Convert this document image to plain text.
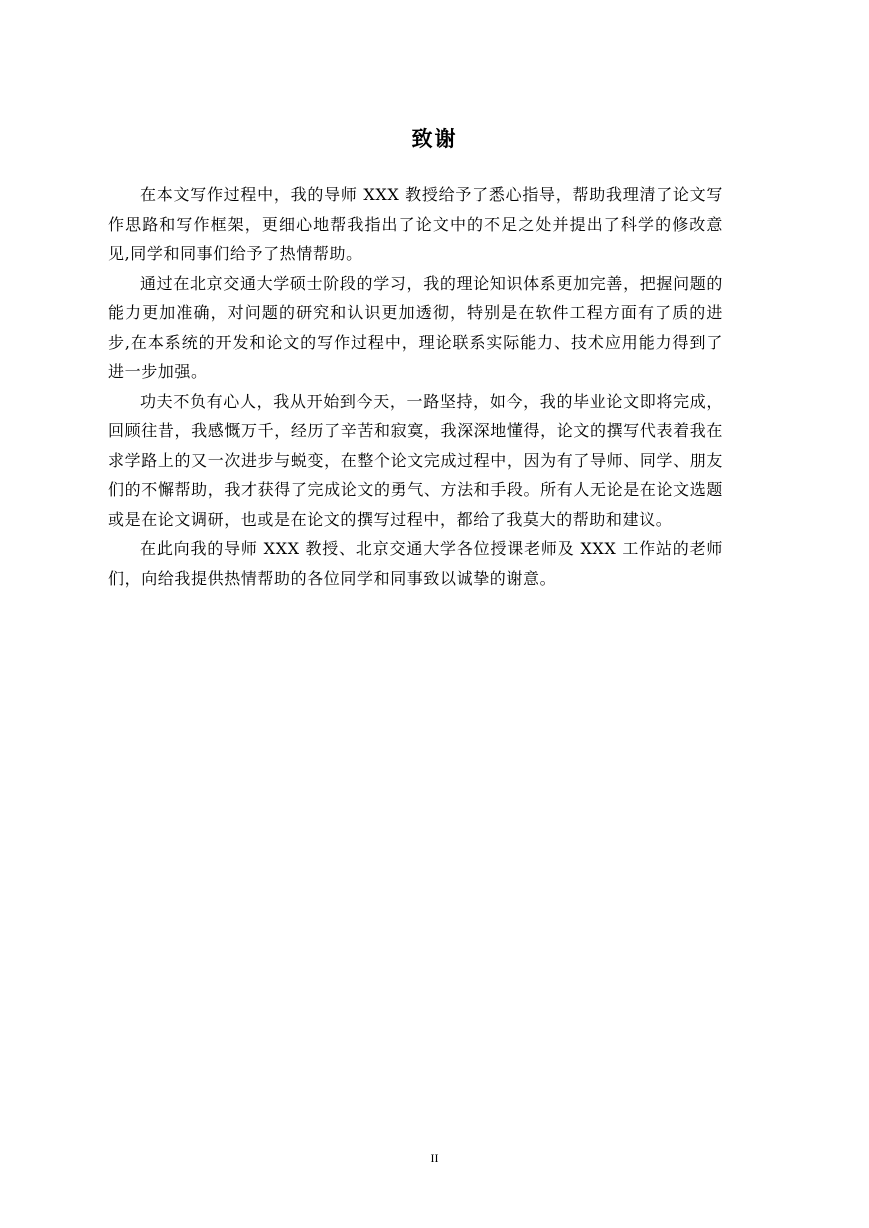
致谢

在本文写作过程中，我的导师 XXX 教授给予了悉心指导，帮助我理清了论文写作思路和写作框架，更细心地帮我指出了论文中的不足之处并提出了科学的修改意见,同学和同事们给予了热情帮助。

通过在北京交通大学硕士阶段的学习，我的理论知识体系更加完善，把握问题的能力更加准确，对问题的研究和认识更加透彻，特别是在软件工程方面有了质的进步,在本系统的开发和论文的写作过程中，理论联系实际能力、技术应用能力得到了进一步加强。

功夫不负有心人，我从开始到今天，一路坚持，如今，我的毕业论文即将完成，回顾往昔，我感慨万千，经历了辛苦和寂寞，我深深地懂得，论文的撰写代表着我在求学路上的又一次进步与蜕变，在整个论文完成过程中，因为有了导师、同学、朋友们的不懈帮助，我才获得了完成论文的勇气、方法和手段。所有人无论是在论文选题或是在论文调研，也或是在论文的撰写过程中，都给了我莫大的帮助和建议。

在此向我的导师 XXX 教授、北京交通大学各位授课老师及 XXX 工作站的老师们，向给我提供热情帮助的各位同学和同事致以诚挚的谢意。

II
